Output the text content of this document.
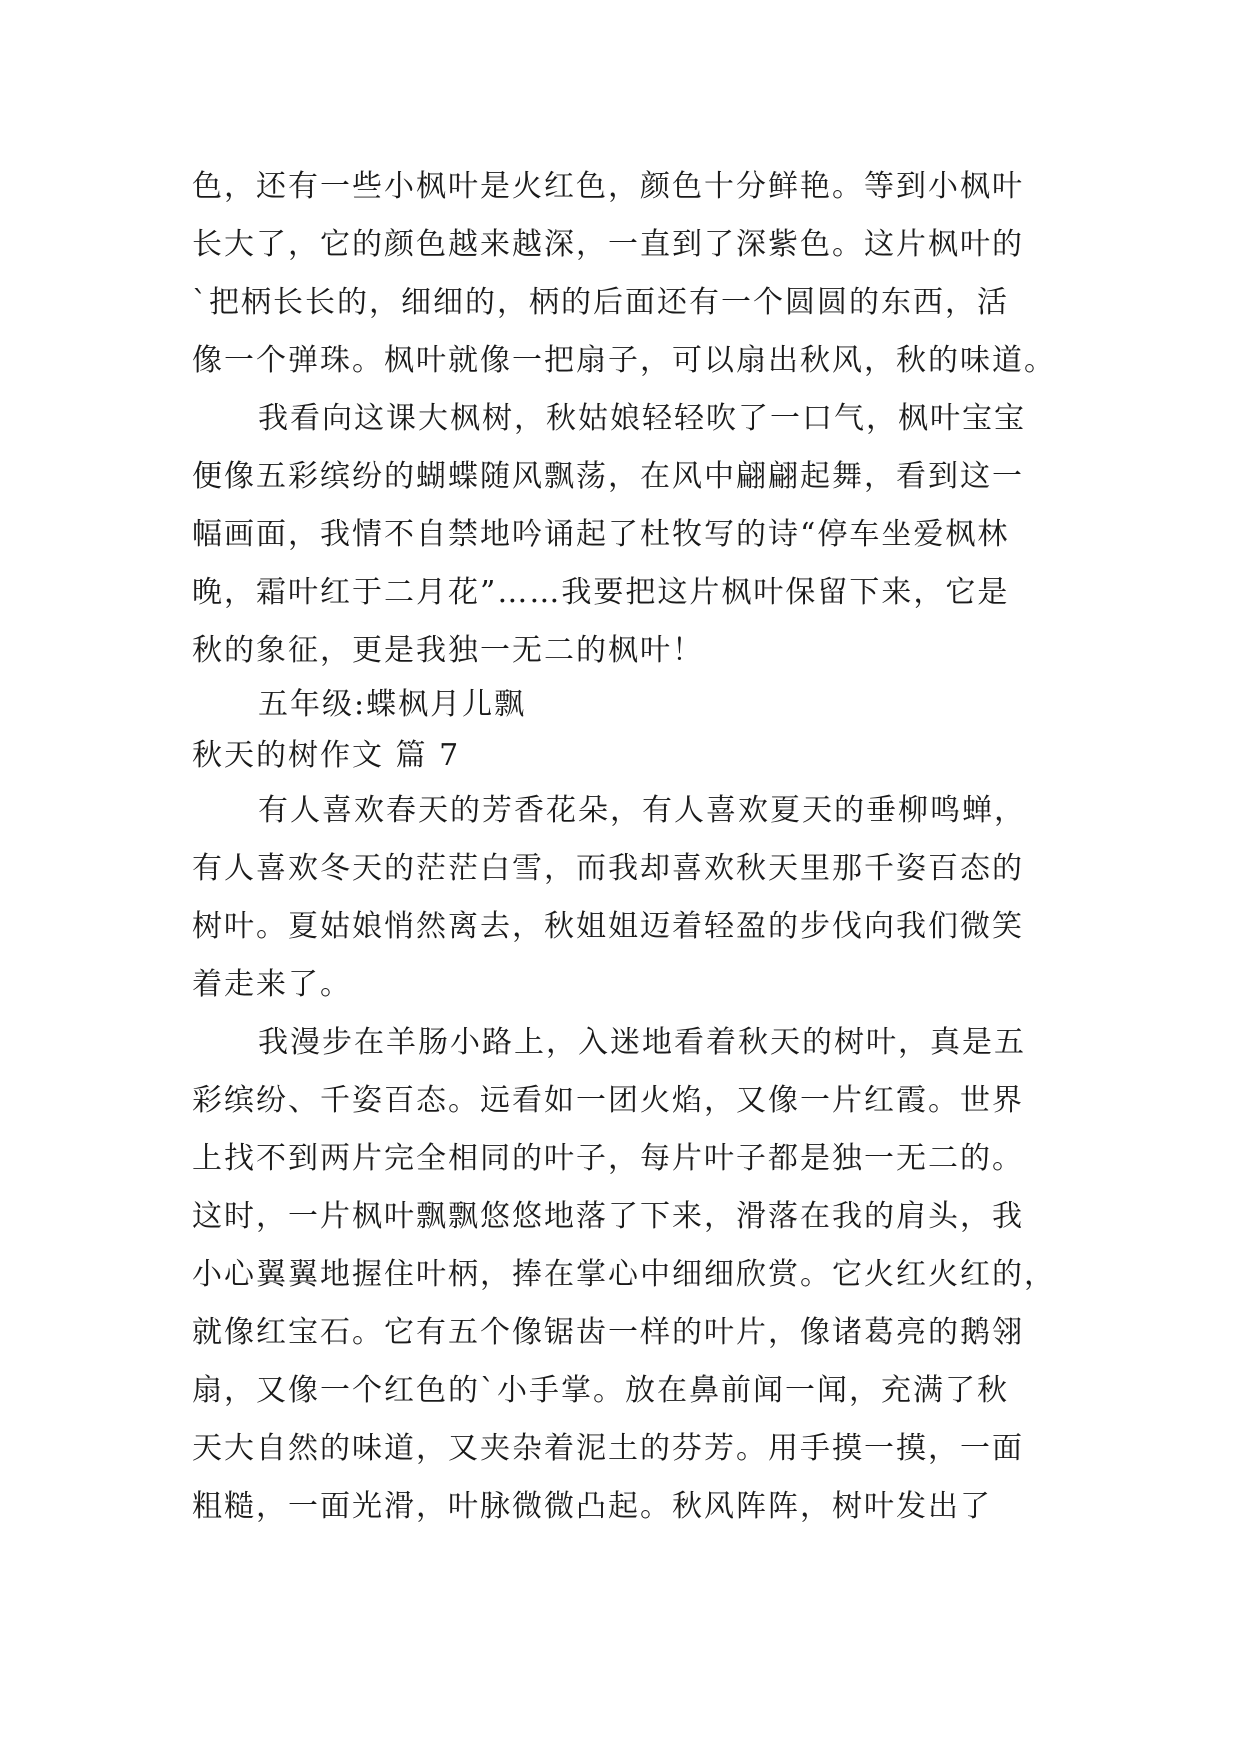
色，还有一些小枫叶是火红色，颜色十分鲜艳。等到小枫叶
长大了，它的颜色越来越深，一直到了深紫色。这片枫叶的
`把柄长长的，细细的，柄的后面还有一个圆圆的东西，活
像一个弹珠。枫叶就像一把扇子，可以扇出秋风，秋的味道。
我看向这课大枫树，秋姑娘轻轻吹了一口气，枫叶宝宝
便像五彩缤纷的蝴蝶随风飘荡，在风中翩翩起舞，看到这一
幅画面，我情不自禁地吟诵起了杜牧写的诗“停车坐爱枫林
晚，霜叶红于二月花”……我要把这片枫叶保留下来，它是
秋的象征，更是我独一无二的枫叶！
五年级:蝶枫月儿飘
秋天的树作文 篇 7
有人喜欢春天的芳香花朵，有人喜欢夏天的垂柳鸣蝉，
有人喜欢冬天的茫茫白雪，而我却喜欢秋天里那千姿百态的
树叶。夏姑娘悄然离去，秋姐姐迈着轻盈的步伐向我们微笑
着走来了。
我漫步在羊肠小路上，入迷地看着秋天的树叶，真是五
彩缤纷、千姿百态。远看如一团火焰，又像一片红霞。世界
上找不到两片完全相同的叶子，每片叶子都是独一无二的。
这时，一片枫叶飘飘悠悠地落了下来，滑落在我的肩头，我
小心翼翼地握住叶柄，捧在掌心中细细欣赏。它火红火红的，
就像红宝石。它有五个像锯齿一样的叶片，像诸葛亮的鹅翎
扇，又像一个红色的`小手掌。放在鼻前闻一闻，充满了秋
天大自然的味道，又夹杂着泥土的芬芳。用手摸一摸，一面
粗糙，一面光滑，叶脉微微凸起。秋风阵阵，树叶发出了
